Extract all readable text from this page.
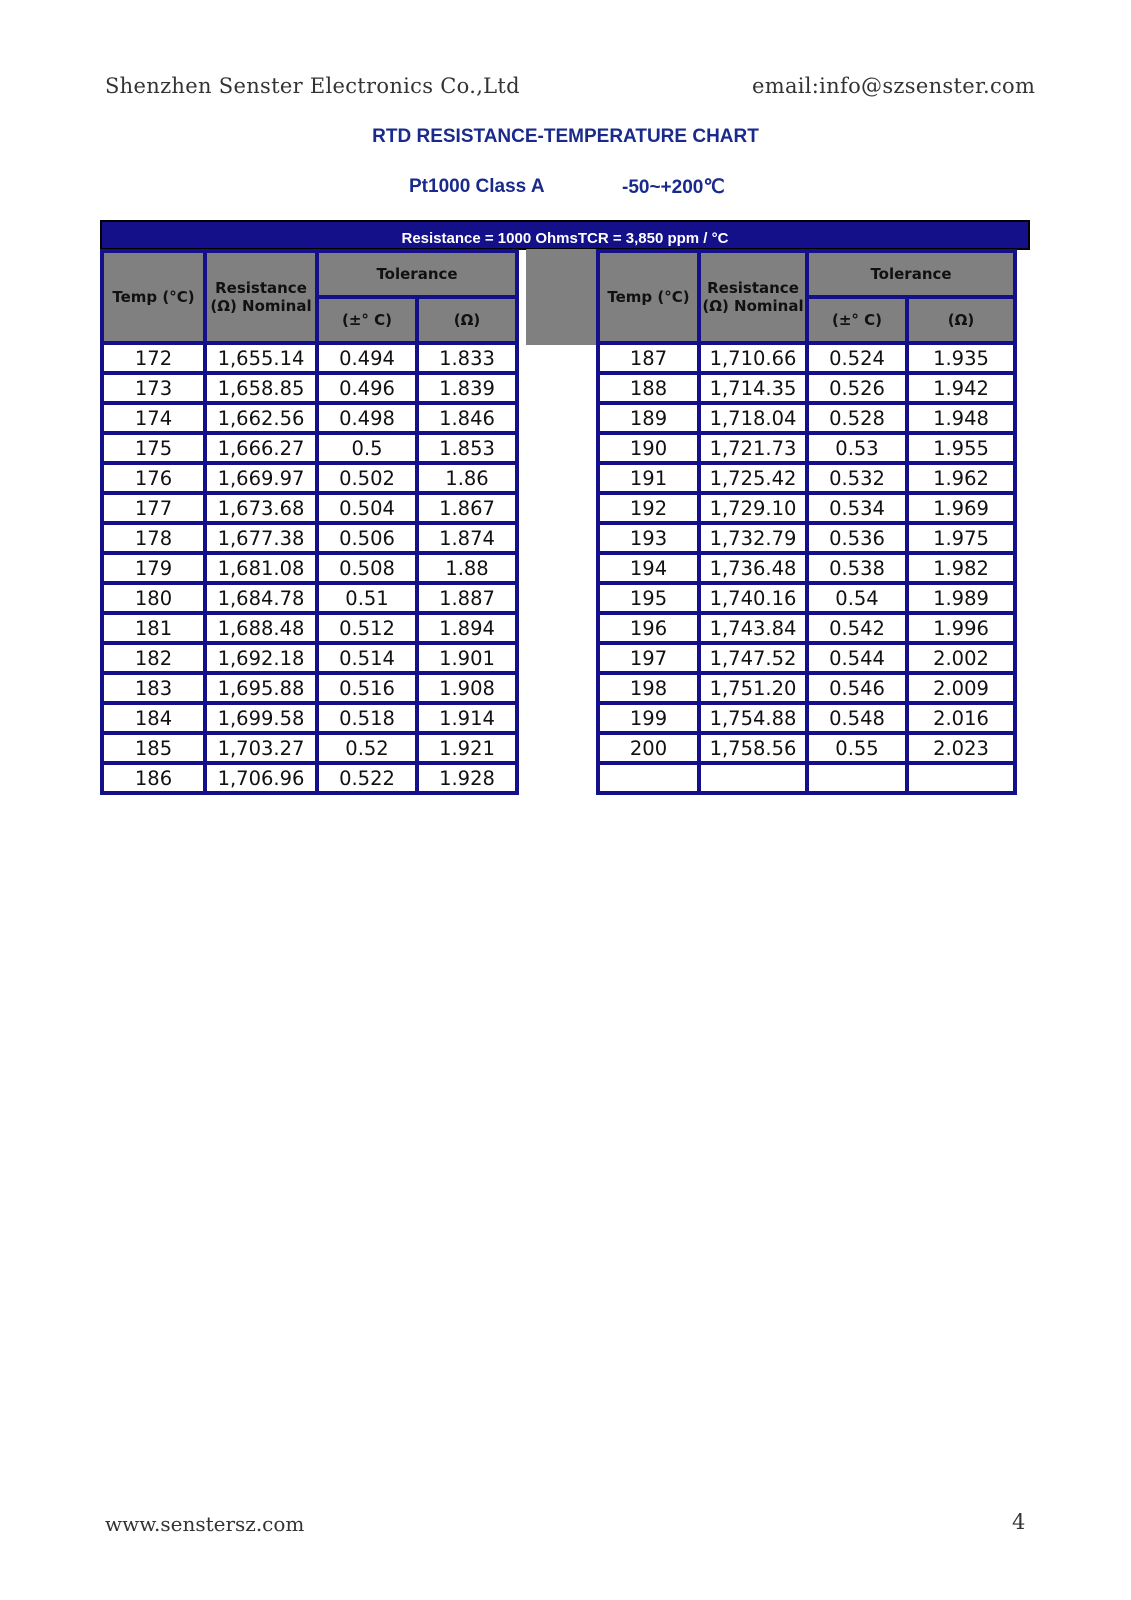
Shenzhen Senster Electronics Co.,Ltd	email:info@szsenster.com
RTD RESISTANCE-TEMPERATURE CHART
Pt1000 Class A	-50~+200℃
Resistance = 1000 OhmsTCR = 3,850 ppm / °C
Temp (°C)	Resistance (Ω) Nominal	Tolerance	
		(±° C)	(Ω)
172	1,655.14	0.494	1.833
173	1,658.85	0.496	1.839
174	1,662.56	0.498	1.846
175	1,666.27	0.5	1.853
176	1,669.97	0.502	1.86
177	1,673.68	0.504	1.867
178	1,677.38	0.506	1.874
179	1,681.08	0.508	1.88
180	1,684.78	0.51	1.887
181	1,688.48	0.512	1.894
182	1,692.18	0.514	1.901
183	1,695.88	0.516	1.908
184	1,699.58	0.518	1.914
185	1,703.27	0.52	1.921
186	1,706.96	0.522	1.928
Temp (°C)	Resistance (Ω) Nominal	Tolerance	
		(±° C)	(Ω)
187	1,710.66	0.524	1.935
188	1,714.35	0.526	1.942
189	1,718.04	0.528	1.948
190	1,721.73	0.53	1.955
191	1,725.42	0.532	1.962
192	1,729.10	0.534	1.969
193	1,732.79	0.536	1.975
194	1,736.48	0.538	1.982
195	1,740.16	0.54	1.989
196	1,743.84	0.542	1.996
197	1,747.52	0.544	2.002
198	1,751.20	0.546	2.009
199	1,754.88	0.548	2.016
200	1,758.56	0.55	2.023

www.senstersz.com	4
